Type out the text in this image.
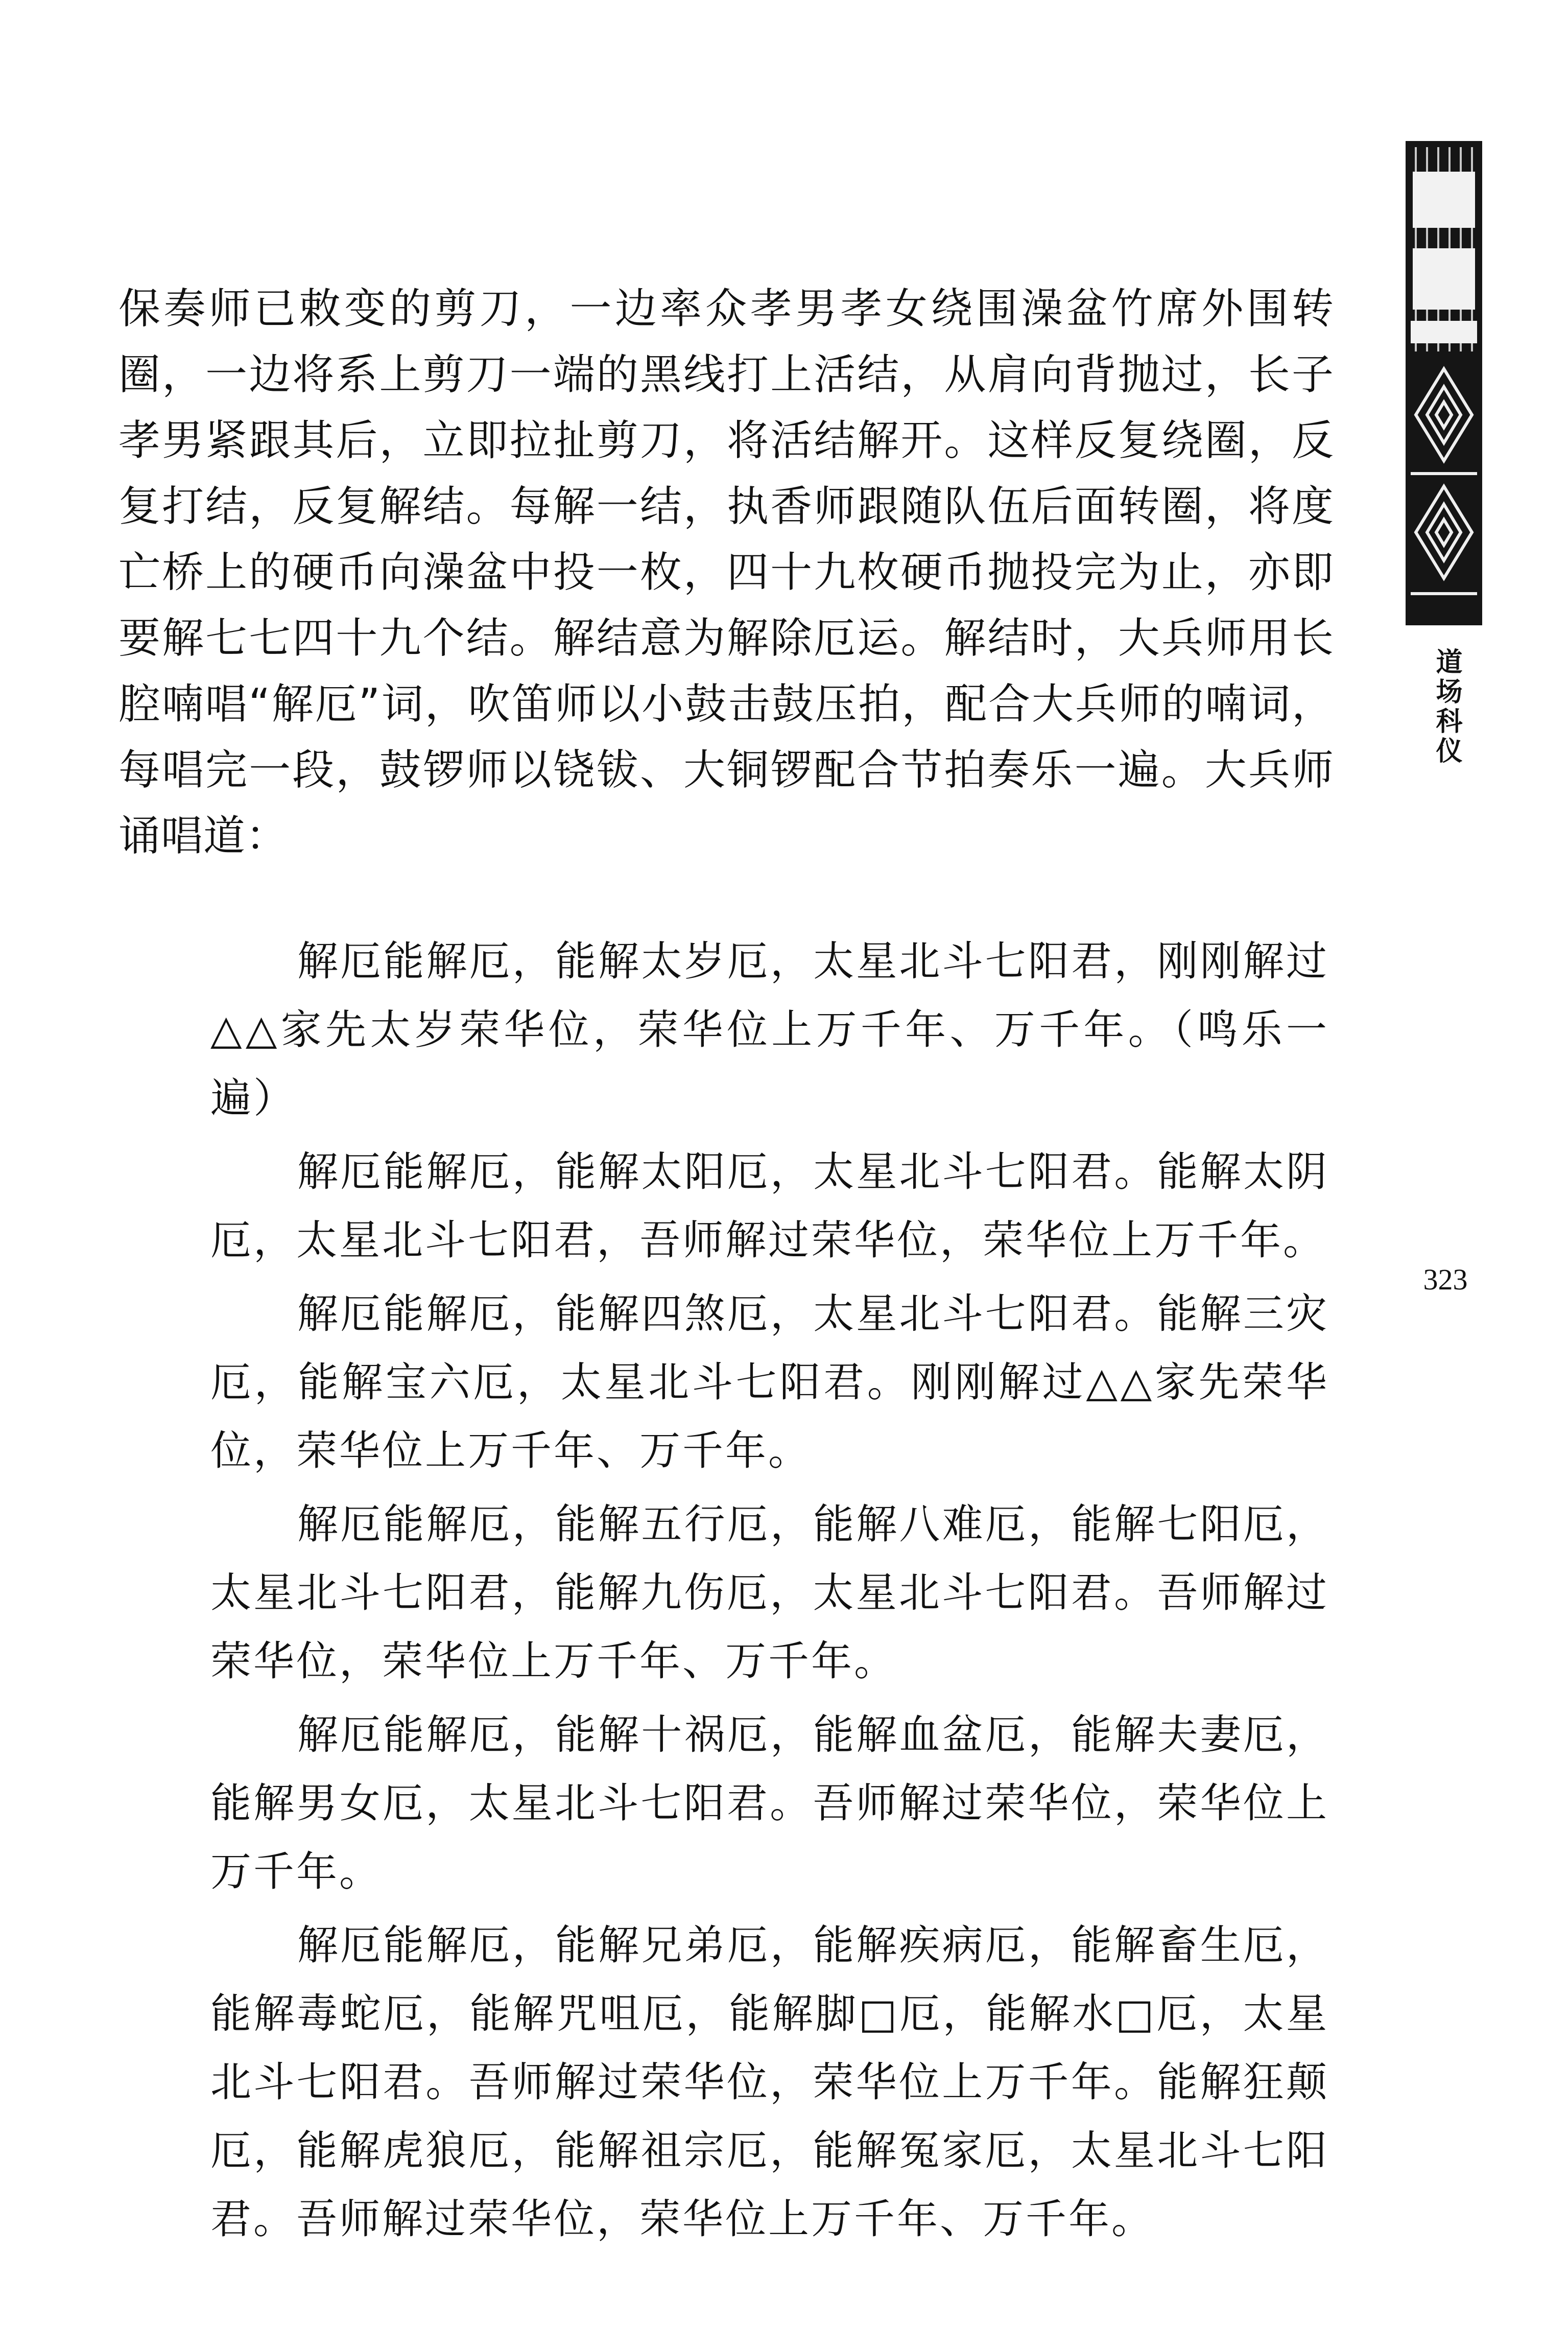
保奏师已敕变的剪刀，一边率众孝男孝女绕围澡盆竹席外围转圈，一边将系上剪刀一端的黑线打上活结，从肩向背抛过，长子孝男紧跟其后，立即拉扯剪刀，将活结解开。这样反复绕圈，反复打结，反复解结。每解一结，执香师跟随队伍后面转圈，将度亡桥上的硬币向澡盆中投一枚，四十九枚硬币抛投完为止，亦即要解七七四十九个结。解结意为解除厄运。解结时，大兵师用长腔喃唱“解厄”词，吹笛师以小鼓击鼓压拍，配合大兵师的喃词，每唱完一段，鼓锣师以铙钹、大铜锣配合节拍奏乐一遍。大兵师诵唱道：

解厄能解厄，能解太岁厄，太星北斗七阳君，刚刚解过△△家先太岁荣华位，荣华位上万千年、万千年。（鸣乐一遍）

解厄能解厄，能解太阳厄，太星北斗七阳君。能解太阴厄，太星北斗七阳君，吾师解过荣华位，荣华位上万千年。

解厄能解厄，能解四煞厄，太星北斗七阳君。能解三灾厄，能解宝六厄，太星北斗七阳君。刚刚解过△△家先荣华位，荣华位上万千年、万千年。

解厄能解厄，能解五行厄，能解八难厄，能解七阳厄，太星北斗七阳君，能解九伤厄，太星北斗七阳君。吾师解过荣华位，荣华位上万千年、万千年。

解厄能解厄，能解十祸厄，能解血盆厄，能解夫妻厄，能解男女厄，太星北斗七阳君。吾师解过荣华位，荣华位上万千年。

解厄能解厄，能解兄弟厄，能解疾病厄，能解畜生厄，能解毒蛇厄，能解咒咀厄，能解脚□厄，能解水□厄，太星北斗七阳君。吾师解过荣华位，荣华位上万千年。能解狂颠厄，能解虎狼厄，能解祖宗厄，能解冤家厄，太星北斗七阳君。吾师解过荣华位，荣华位上万千年、万千年。

道场科仪
323
